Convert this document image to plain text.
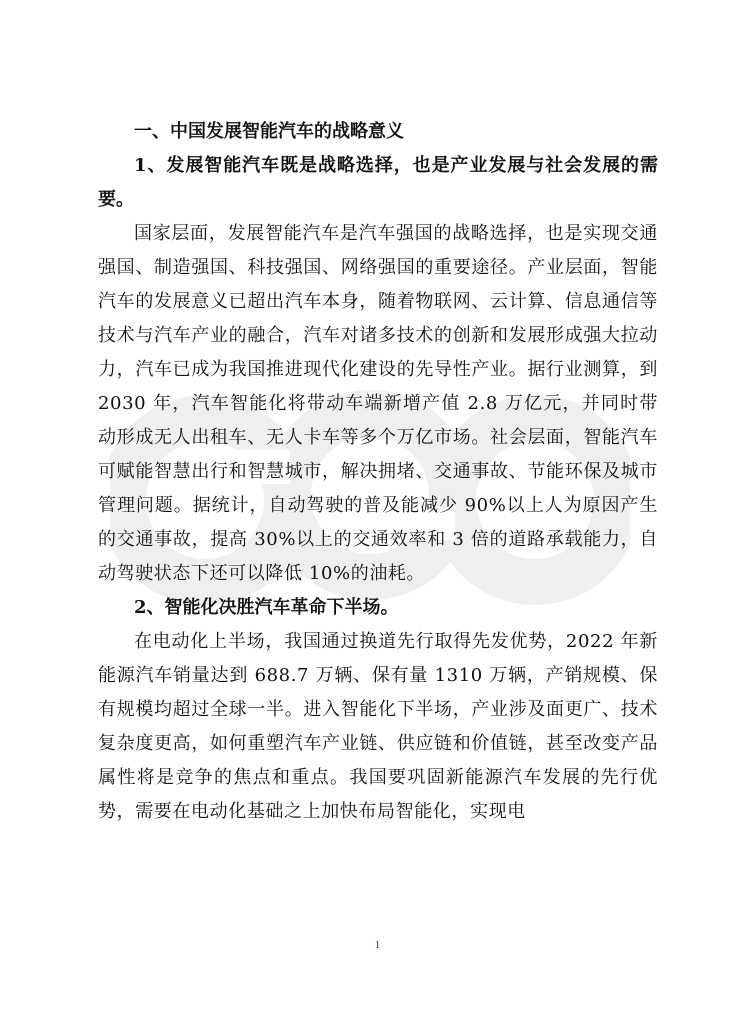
一、中国发展智能汽车的战略意义

1、发展智能汽车既是战略选择，也是产业发展与社会发展的需要。

国家层面，发展智能汽车是汽车强国的战略选择，也是实现交通强国、制造强国、科技强国、网络强国的重要途径。产业层面，智能汽车的发展意义已超出汽车本身，随着物联网、云计算、信息通信等技术与汽车产业的融合，汽车对诸多技术的创新和发展形成强大拉动力，汽车已成为我国推进现代化建设的先导性产业。据行业测算，到 2030 年，汽车智能化将带动车端新增产值 2.8 万亿元，并同时带动形成无人出租车、无人卡车等多个万亿市场。社会层面，智能汽车可赋能智慧出行和智慧城市，解决拥堵、交通事故、节能环保及城市管理问题。据统计，自动驾驶的普及能减少 90%以上人为原因产生的交通事故，提高 30%以上的交通效率和 3 倍的道路承载能力，自动驾驶状态下还可以降低 10%的油耗。

2、智能化决胜汽车革命下半场。

在电动化上半场，我国通过换道先行取得先发优势，2022 年新能源汽车销量达到 688.7 万辆、保有量 1310 万辆，产销规模、保有规模均超过全球一半。进入智能化下半场，产业涉及面更广、技术复杂度更高，如何重塑汽车产业链、供应链和价值链，甚至改变产品属性将是竞争的焦点和重点。我国要巩固新能源汽车发展的先行优势，需要在电动化基础之上加快布局智能化，实现电

1
